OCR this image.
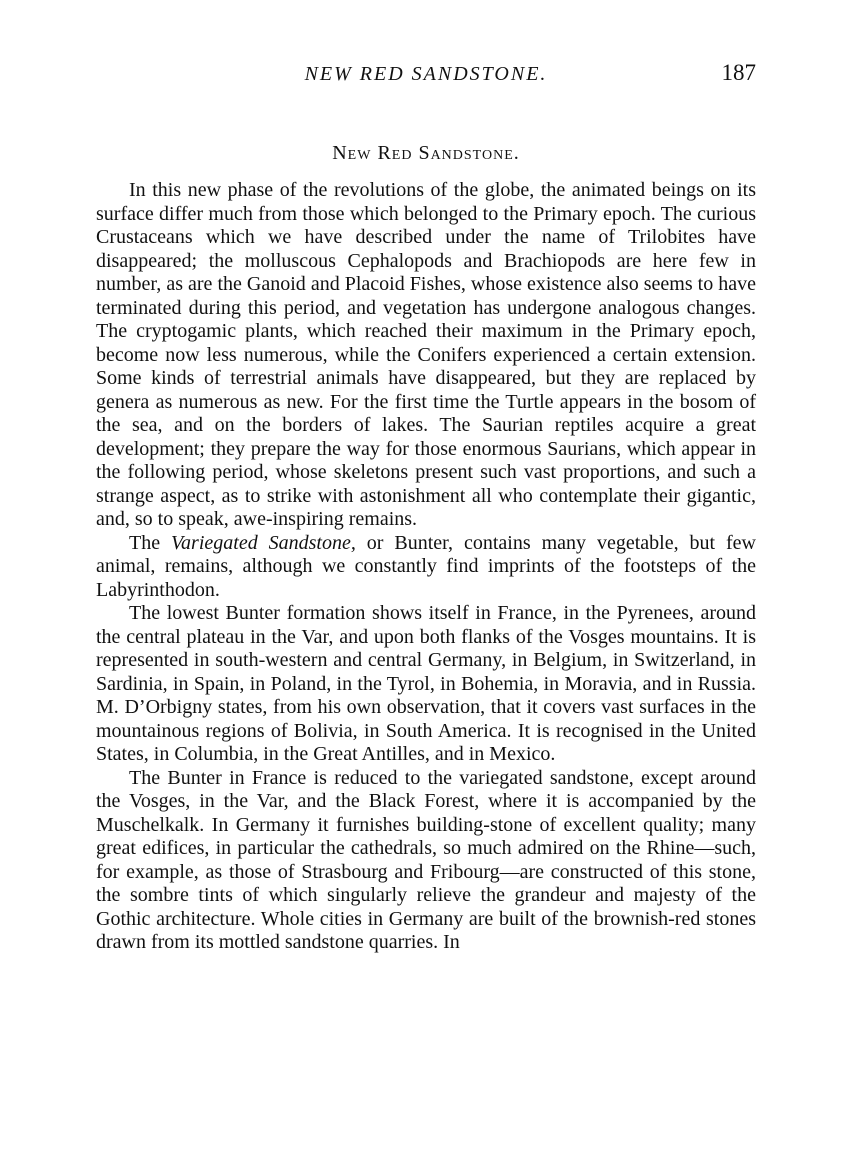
NEW RED SANDSTONE.	187
New Red Sandstone.

In this new phase of the revolutions of the globe, the animated beings on its surface differ much from those which belonged to the Primary epoch. The curious Crustaceans which we have described under the name of Trilobites have disappeared; the molluscous Cephalopods and Brachiopods are here few in number, as are the Ganoid and Placoid Fishes, whose existence also seems to have terminated during this period, and vegetation has undergone analogous changes. The cryptogamic plants, which reached their maximum in the Primary epoch, become now less numerous, while the Conifers experienced a certain extension. Some kinds of terrestrial animals have disappeared, but they are replaced by genera as numerous as new. For the first time the Turtle appears in the bosom of the sea, and on the borders of lakes. The Saurian reptiles acquire a great development; they prepare the way for those enormous Saurians, which appear in the following period, whose skeletons present such vast proportions, and such a strange aspect, as to strike with astonishment all who contemplate their gigantic, and, so to speak, awe-inspiring remains.

The Variegated Sandstone, or Bunter, contains many vegetable, but few animal, remains, although we constantly find imprints of the footsteps of the Labyrinthodon.

The lowest Bunter formation shows itself in France, in the Pyrenees, around the central plateau in the Var, and upon both flanks of the Vosges mountains. It is represented in south-western and central Germany, in Belgium, in Switzerland, in Sardinia, in Spain, in Poland, in the Tyrol, in Bohemia, in Moravia, and in Russia. M. D’Orbigny states, from his own observation, that it covers vast surfaces in the mountainous regions of Bolivia, in South America. It is recognised in the United States, in Columbia, in the Great Antilles, and in Mexico.

The Bunter in France is reduced to the variegated sandstone, except around the Vosges, in the Var, and the Black Forest, where it is accompanied by the Muschelkalk. In Germany it furnishes building-stone of excellent quality; many great edifices, in particular the cathedrals, so much admired on the Rhine—such, for example, as those of Strasbourg and Fribourg—are constructed of this stone, the sombre tints of which singularly relieve the grandeur and majesty of the Gothic architecture. Whole cities in Germany are built of the brownish-red stones drawn from its mottled sandstone quarries. In
